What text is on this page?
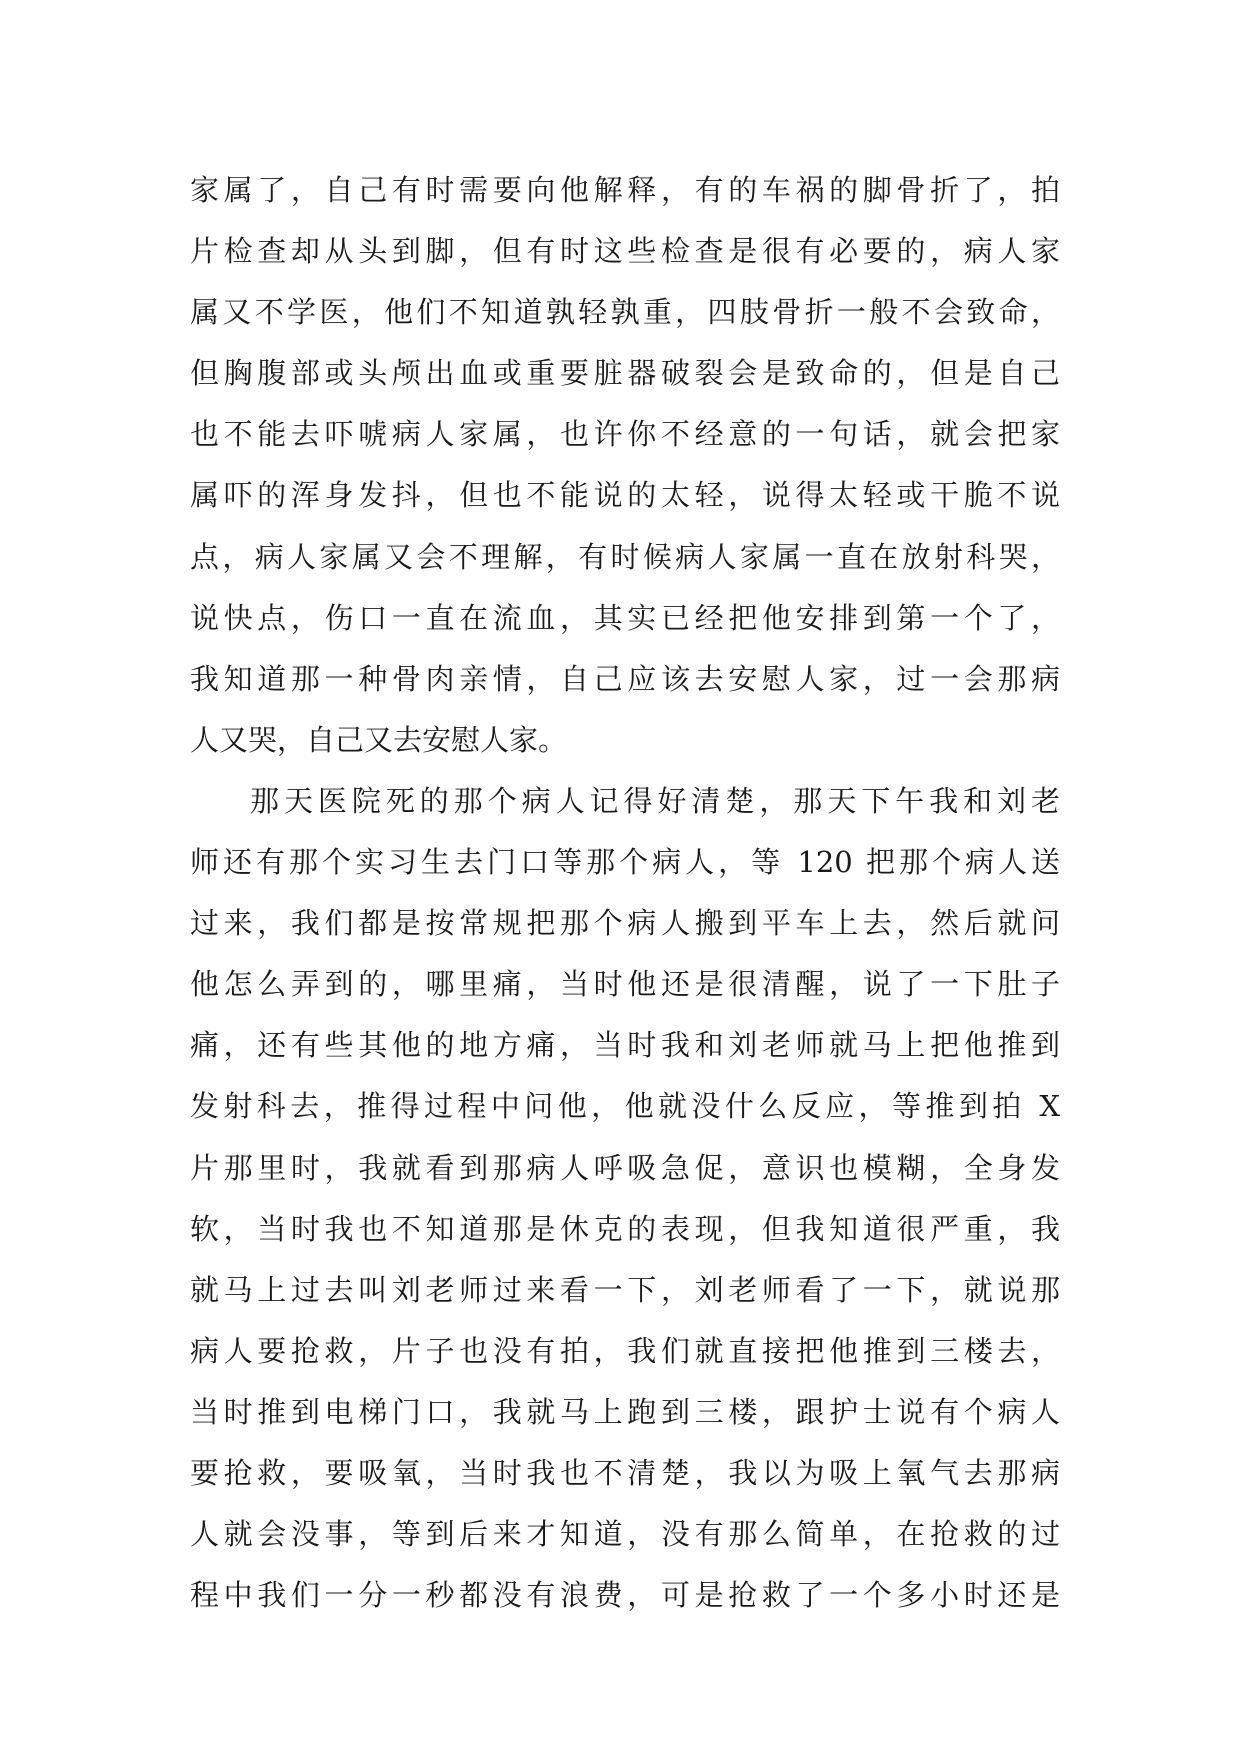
家属了，自己有时需要向他解释，有的车祸的脚骨折了，拍
片检查却从头到脚，但有时这些检查是很有必要的，病人家
属又不学医，他们不知道孰轻孰重，四肢骨折一般不会致命，
但胸腹部或头颅出血或重要脏器破裂会是致命的，但是自己
也不能去吓唬病人家属，也许你不经意的一句话，就会把家
属吓的浑身发抖，但也不能说的太轻，说得太轻或干脆不说
点，病人家属又会不理解，有时候病人家属一直在放射科哭，
说快点，伤口一直在流血，其实已经把他安排到第一个了，
我知道那一种骨肉亲情，自己应该去安慰人家，过一会那病
人又哭，自己又去安慰人家。
那天医院死的那个病人记得好清楚，那天下午我和刘老
师还有那个实习生去门口等那个病人，等 120 把那个病人送
过来，我们都是按常规把那个病人搬到平车上去，然后就问
他怎么弄到的，哪里痛，当时他还是很清醒，说了一下肚子
痛，还有些其他的地方痛，当时我和刘老师就马上把他推到
发射科去，推得过程中问他，他就没什么反应，等推到拍 X
片那里时，我就看到那病人呼吸急促，意识也模糊，全身发
软，当时我也不知道那是休克的表现，但我知道很严重，我
就马上过去叫刘老师过来看一下，刘老师看了一下，就说那
病人要抢救，片子也没有拍，我们就直接把他推到三楼去，
当时推到电梯门口，我就马上跑到三楼，跟护士说有个病人
要抢救，要吸氧，当时我也不清楚，我以为吸上氧气去那病
人就会没事，等到后来才知道，没有那么简单，在抢救的过
程中我们一分一秒都没有浪费，可是抢救了一个多小时还是
